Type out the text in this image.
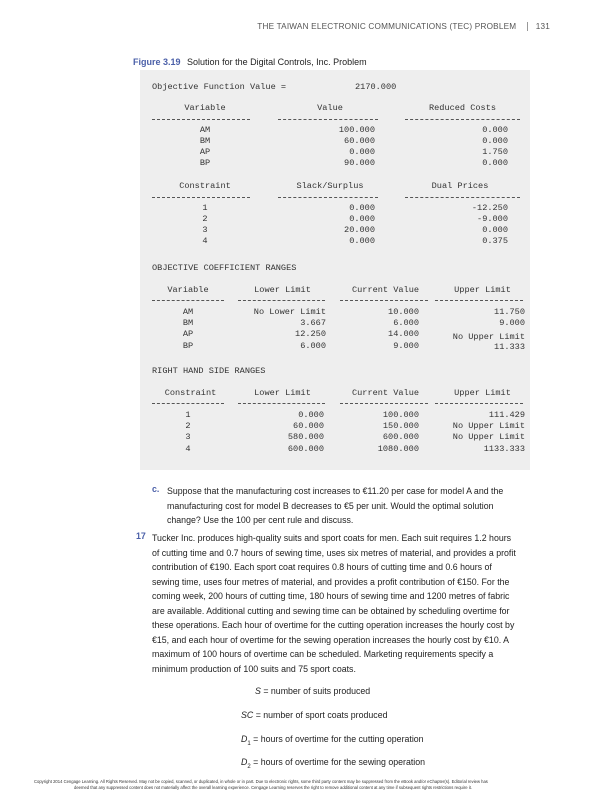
THE TAIWAN ELECTRONIC COMMUNICATIONS (TEC) PROBLEM 131
Figure 3.19 Solution for the Digital Controls, Inc. Problem
Objective Function Value =	2170.000
Variable	Value	Reduced Costs
AM	100.000	0.000
BM	60.000	0.000
AP	0.000	1.750
BP	90.000	0.000
Constraint	Slack/Surplus	Dual Prices
1	0.000	-12.250
2	0.000	-9.000
3	20.000	0.000
4	0.000	0.375
OBJECTIVE COEFFICIENT RANGES
Variable	Lower Limit	Current Value	Upper Limit
AM	No Lower Limit	10.000	11.750
BM	3.667	6.000	9.000
AP	12.250	14.000	No Upper Limit
BP	6.000	9.000	11.333
RIGHT HAND SIDE RANGES
Constraint	Lower Limit	Current Value	Upper Limit
1	0.000	100.000	111.429
2	60.000	150.000	No Upper Limit
3	580.000	600.000	No Upper Limit
4	600.000	1080.000	1133.333
c. Suppose that the manufacturing cost increases to €11.20 per case for model A and the
manufacturing cost for model B decreases to €5 per unit. Would the optimal solution
change? Use the 100 per cent rule and discuss.
17 Tucker Inc. produces high-quality suits and sport coats for men. Each suit requires 1.2 hours
of cutting time and 0.7 hours of sewing time, uses six metres of material, and provides a profit
contribution of €190. Each sport coat requires 0.8 hours of cutting time and 0.6 hours of
sewing time, uses four metres of material, and provides a profit contribution of €150. For the
coming week, 200 hours of cutting time, 180 hours of sewing time and 1200 metres of fabric
are available. Additional cutting and sewing time can be obtained by scheduling overtime for
these operations. Each hour of overtime for the cutting operation increases the hourly cost by
€15, and each hour of overtime for the sewing operation increases the hourly cost by €10. A
maximum of 100 hours of overtime can be scheduled. Marketing requirements specify a
minimum production of 100 suits and 75 sport coats.
S = number of suits produced
SC = number of sport coats produced
$D_1$ = hours of overtime for the cutting operation
$D_2$ = hours of overtime for the sewing operation
Copyright 2014 Cengage Learning. All Rights Reserved. May not be copied, scanned, or duplicated, in whole or in part. Due to electronic rights, some third party content may be suppressed from the eBook and/or eChapter(s). Editorial review has
deemed that any suppressed content does not materially affect the overall learning experience. Cengage Learning reserves the right to remove additional content at any time if subsequent rights restrictions require it.
